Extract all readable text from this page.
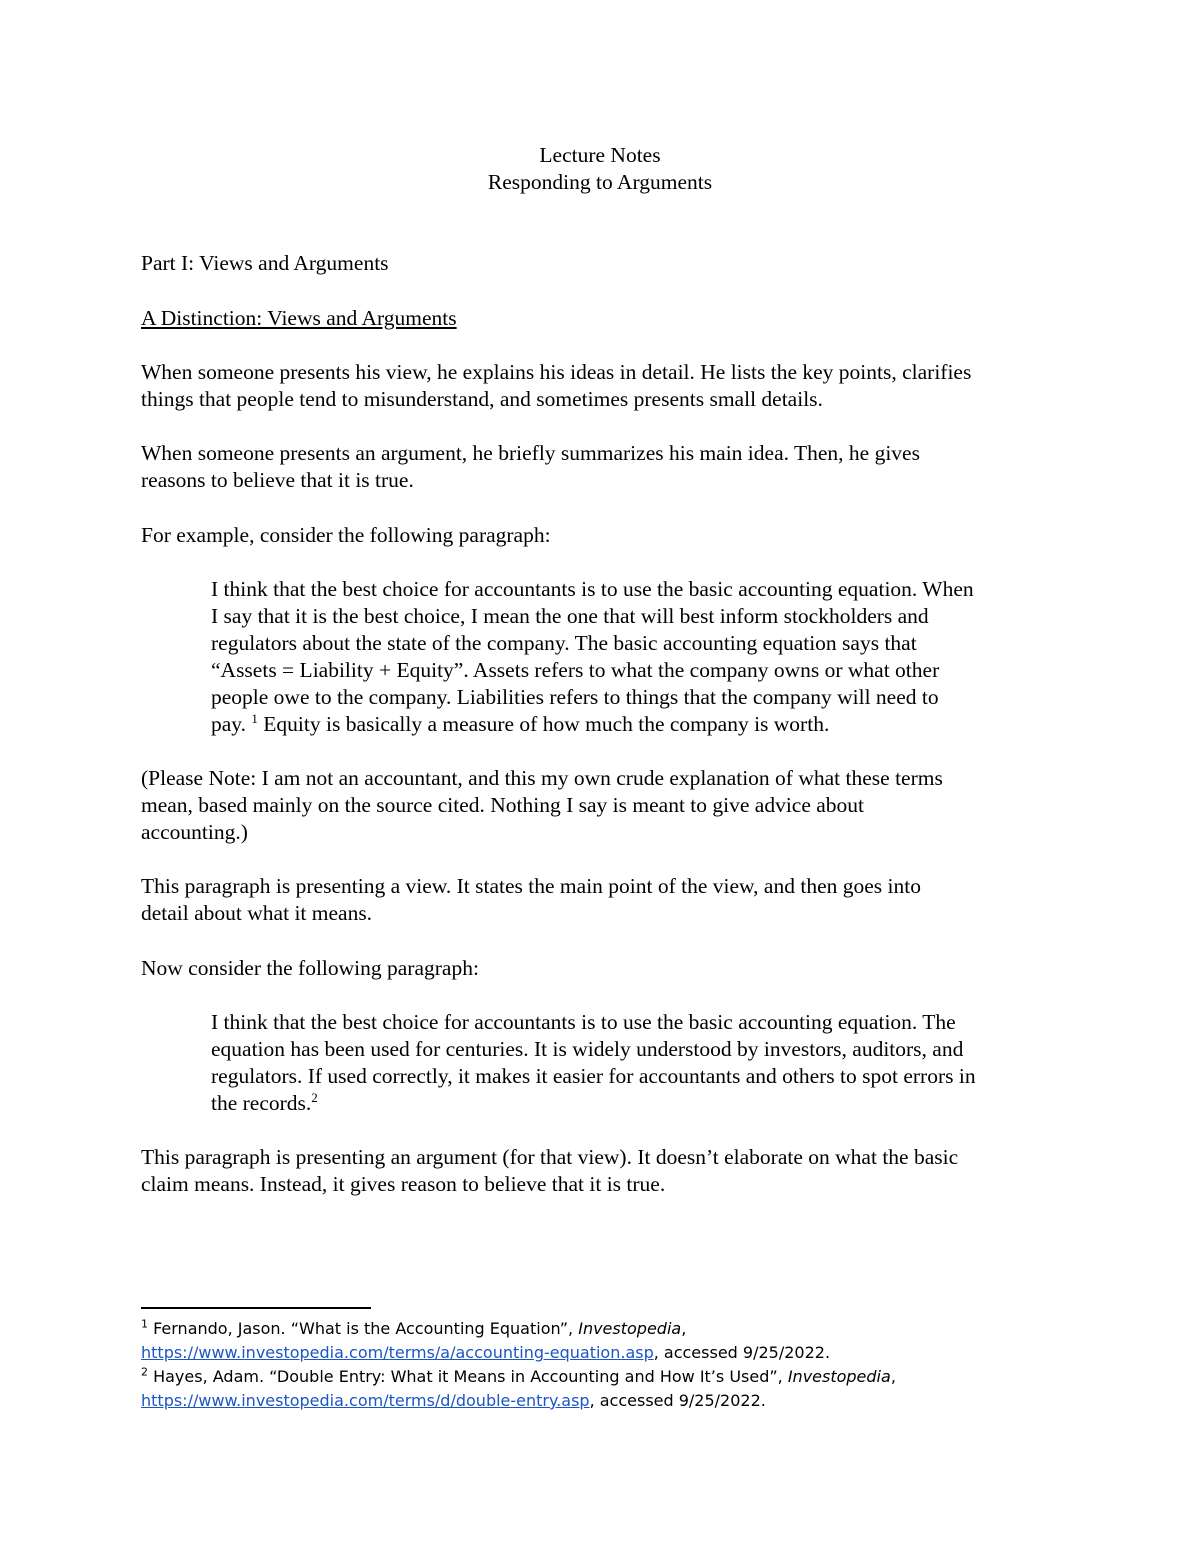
Lecture Notes
Responding to Arguments
Part I: Views and Arguments
A Distinction: Views and Arguments
When someone presents his view, he explains his ideas in detail. He lists the key points, clarifies
things that people tend to misunderstand, and sometimes presents small details.
When someone presents an argument, he briefly summarizes his main idea. Then, he gives
reasons to believe that it is true.
For example, consider the following paragraph:
I think that the best choice for accountants is to use the basic accounting equation. When
I say that it is the best choice, I mean the one that will best inform stockholders and
regulators about the state of the company. The basic accounting equation says that
“Assets = Liability + Equity”. Assets refers to what the company owns or what other
people owe to the company. Liabilities refers to things that the company will need to
pay. $^1$ Equity is basically a measure of how much the company is worth.
(Please Note: I am not an accountant, and this my own crude explanation of what these terms
mean, based mainly on the source cited. Nothing I say is meant to give advice about
accounting.)
This paragraph is presenting a view. It states the main point of the view, and then goes into
detail about what it means.
Now consider the following paragraph:
I think that the best choice for accountants is to use the basic accounting equation. The
equation has been used for centuries. It is widely understood by investors, auditors, and
regulators. If used correctly, it makes it easier for accountants and others to spot errors in
the records.$^2$
This paragraph is presenting an argument (for that view). It doesn’t elaborate on what the basic
claim means. Instead, it gives reason to believe that it is true.
$^1$ Fernando, Jason. “What is the Accounting Equation”, Investopedia,
https://www.investopedia.com/terms/a/accounting-equation.asp, accessed 9/25/2022.
$^2$ Hayes, Adam. “Double Entry: What it Means in Accounting and How It’s Used”, Investopedia,
https://www.investopedia.com/terms/d/double-entry.asp, accessed 9/25/2022.
